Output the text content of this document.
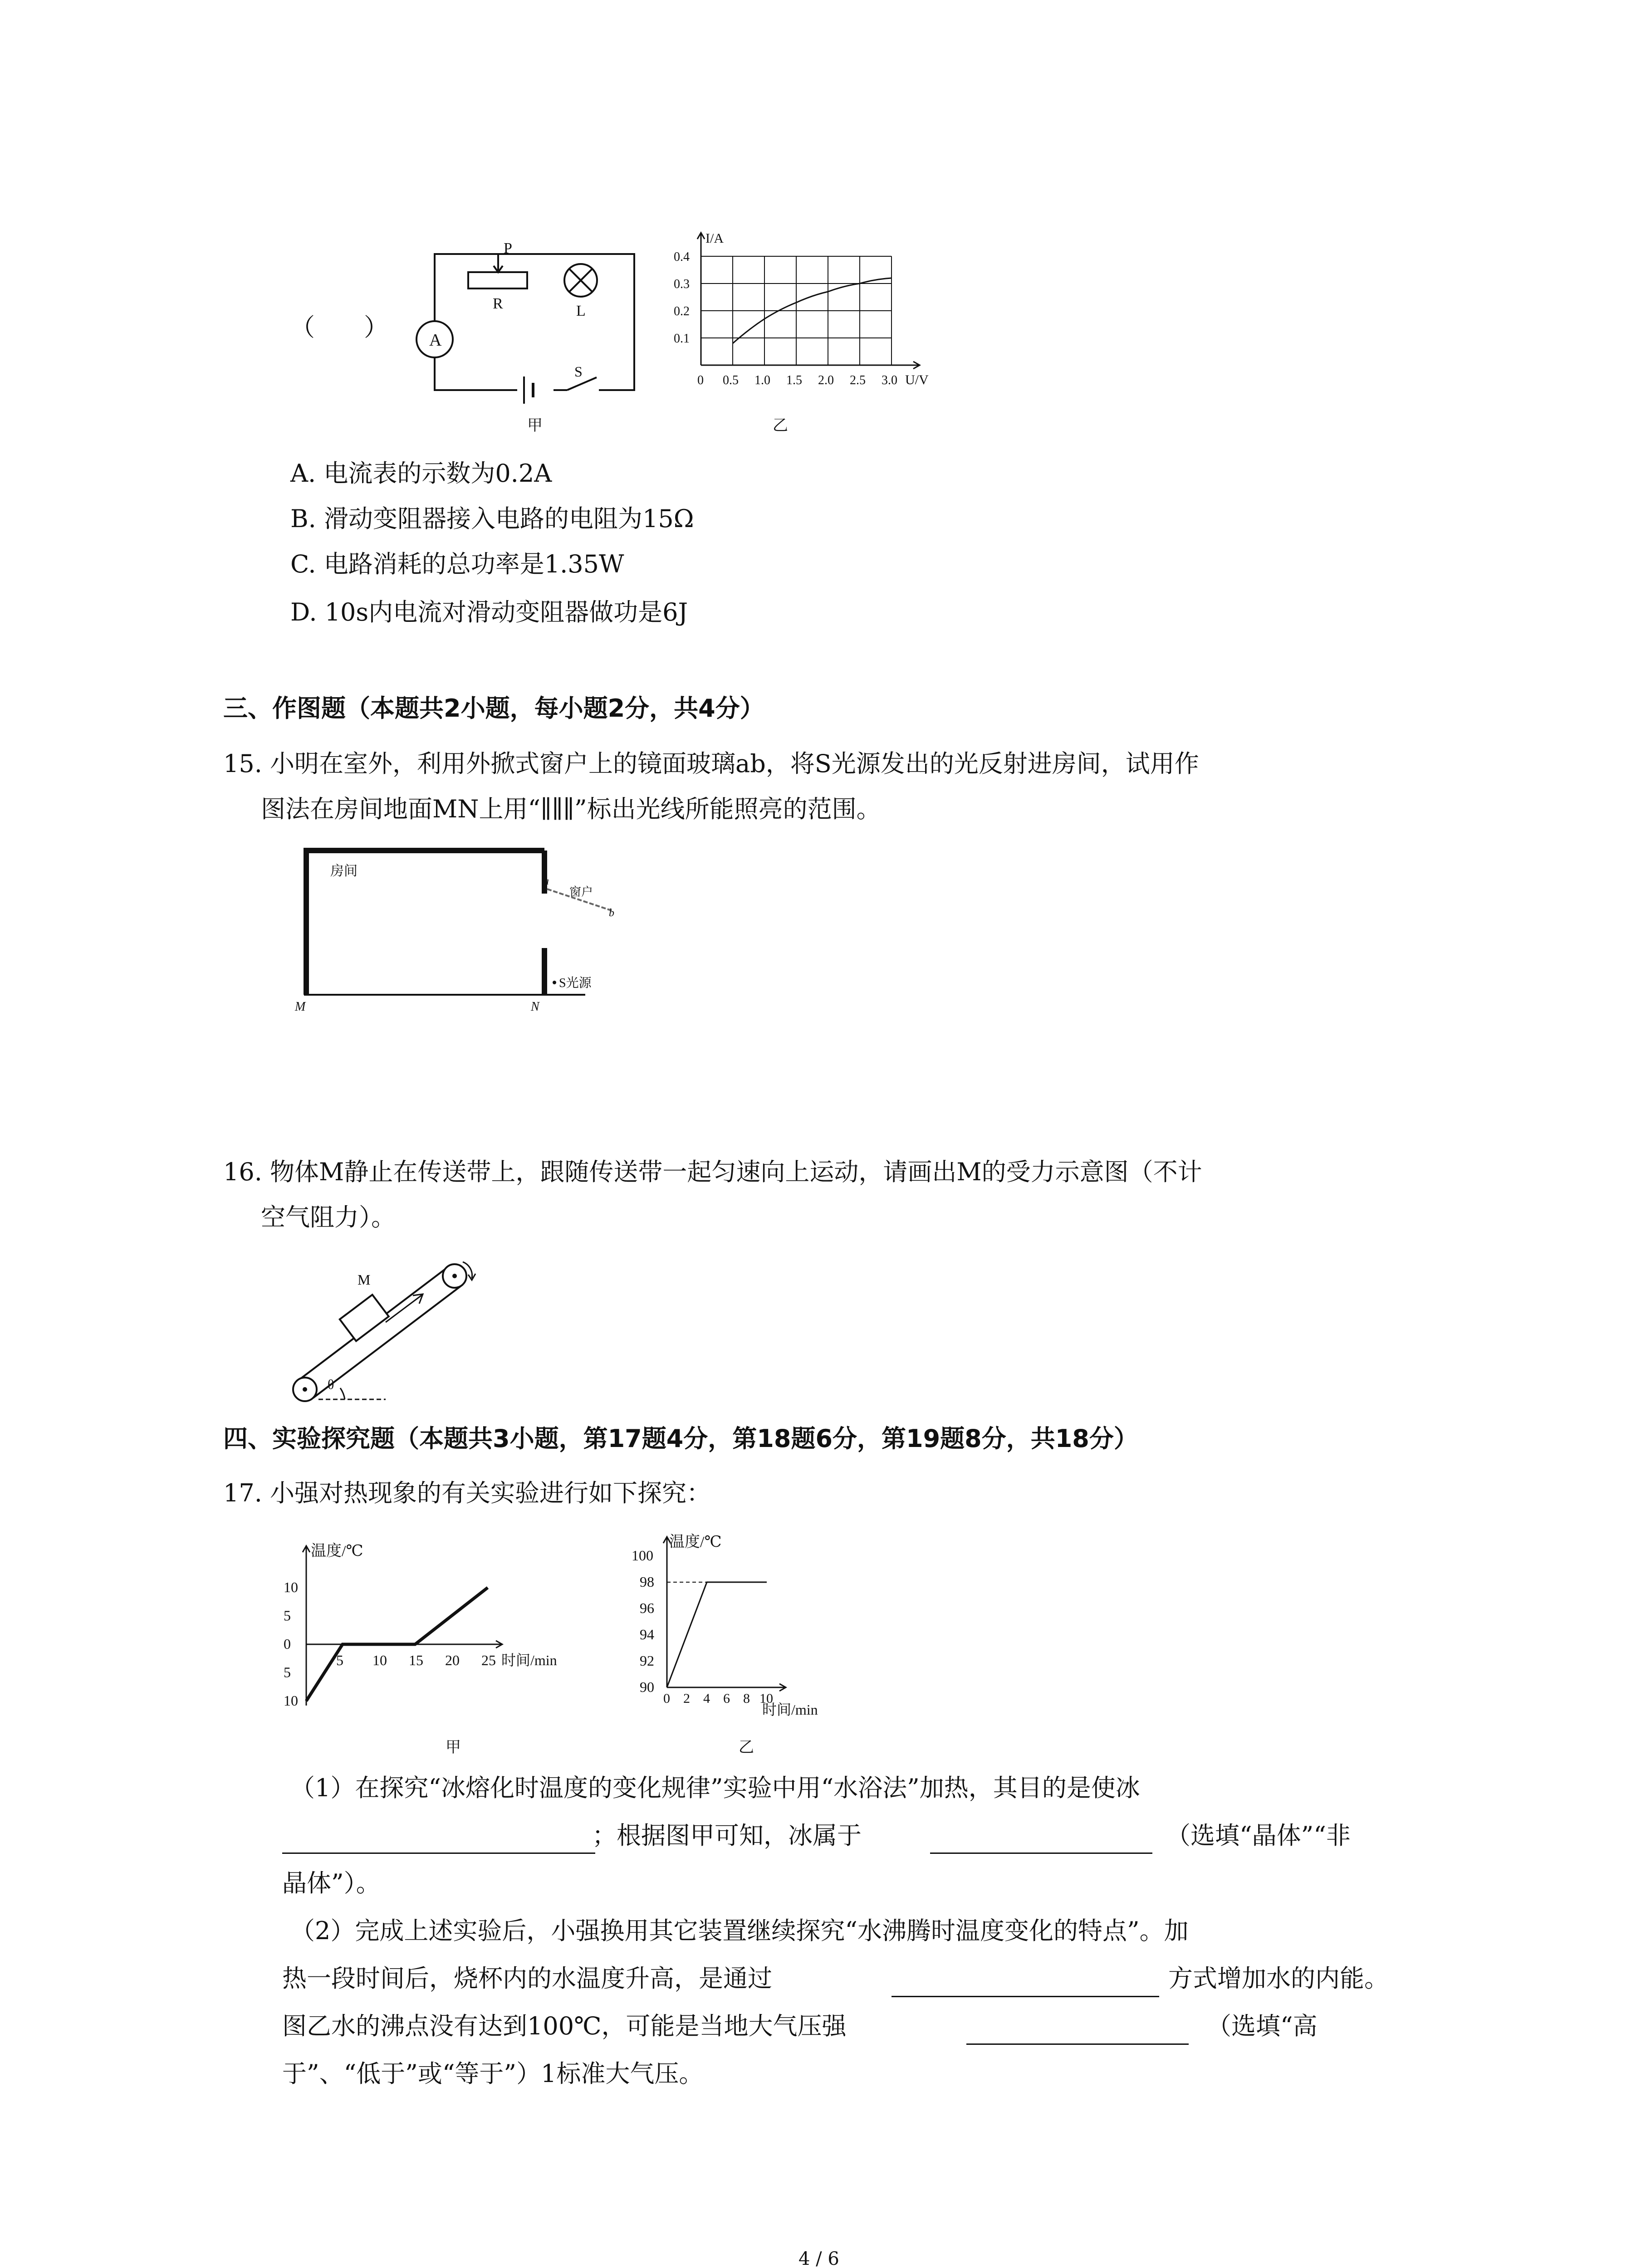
（　　） A
P
R	L
S
甲
I/A
U/V
0.1
0.2
0.3
0.4
0 0.5 1.0 1.5 2.0 2.5 3.0
乙
A. 电流表的示数为0.2A
B. 滑动变阻器接入电路的电阻为15Ω
C. 电路消耗的总功率是1.35W
D. 10s内电流对滑动变阻器做功是6J
三、作图题（本题共2小题，每小题2分，共4分）
15. 小明在室外，利用外掀式窗户上的镜面玻璃ab，将S光源发出的光反射进房间，试用作
图法在房间地面MN上用“∥∥∥”标出光线所能照亮的范围。
房间
a
窗户
b
S光源
M	N
16. 物体M静止在传送带上，跟随传送带一起匀速向上运动，请画出M的受力示意图（不计
空气阻力）。
M
θ
四、实验探究题（本题共3小题，第17题4分，第18题6分，第19题8分，共18分）
17. 小强对热现象的有关实验进行如下探究：
温度/℃
时间/min
10
5
0
5
10
5 10 15 20 25
甲
温度/℃
时间/min
100
98
96
94
92
90
0 2 4 6 8 10
乙
（1）在探究“冰熔化时温度的变化规律”实验中用“水浴法”加热，其目的是使冰
；根据图甲可知，冰属于	（选填“晶体”“非
晶体”）。
（2）完成上述实验后，小强换用其它装置继续探究“水沸腾时温度变化的特点”。加
热一段时间后，烧杯内的水温度升高，是通过	方式增加水的内能。
图乙水的沸点没有达到100℃，可能是当地大气压强	（选填“高
于”、“低于”或“等于”）1标准大气压。
4 / 6
